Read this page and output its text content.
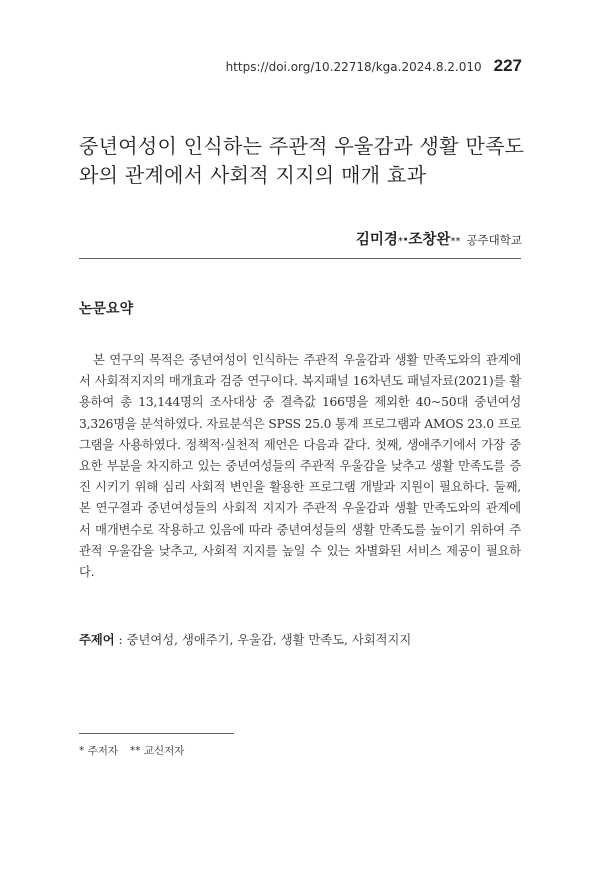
https://doi.org/10.22718/kga.2024.8.2.010 227
중년여성이 인식하는 주관적 우울감과 생활 만족도
와의 관계에서 사회적 지지의 매개 효과
김미경*·조창완** 공주대학교
논문요약

본 연구의 목적은 중년여성이 인식하는 주관적 우울감과 생활 만족도와의 관계에서 사회적지지의 매개효과 검증 연구이다. 복지패널 16차년도 패널자료(2021)를 활용하여 총 13,144명의 조사대상 중 결측값 166명을 제외한 40~50대 중년여성 3,326명을 분석하였다. 자료분석은 SPSS 25.0 통계 프로그램과 AMOS 23.0 프로그램을 사용하였다. 정책적·실천적 제언은 다음과 같다. 첫째, 생애주기에서 가장 중요한 부분을 차지하고 있는 중년여성들의 주관적 우울감을 낮추고 생활 만족도를 증진 시키기 위해 심리 사회적 변인을 활용한 프로그램 개발과 지원이 필요하다. 둘째, 본 연구결과 중년여성들의 사회적 지지가 주관적 우울감과 생활 만족도와의 관계에서 매개변수로 작용하고 있음에 따라 중년여성들의 생활 만족도를 높이기 위하여 주관적 우울감을 낮추고, 사회적 지지를 높일 수 있는 차별화된 서비스 제공이 필요하다.

주제어 : 중년여성, 생애주기, 우울감, 생활 만족도, 사회적지지

* 주저자 ** 교신저자
